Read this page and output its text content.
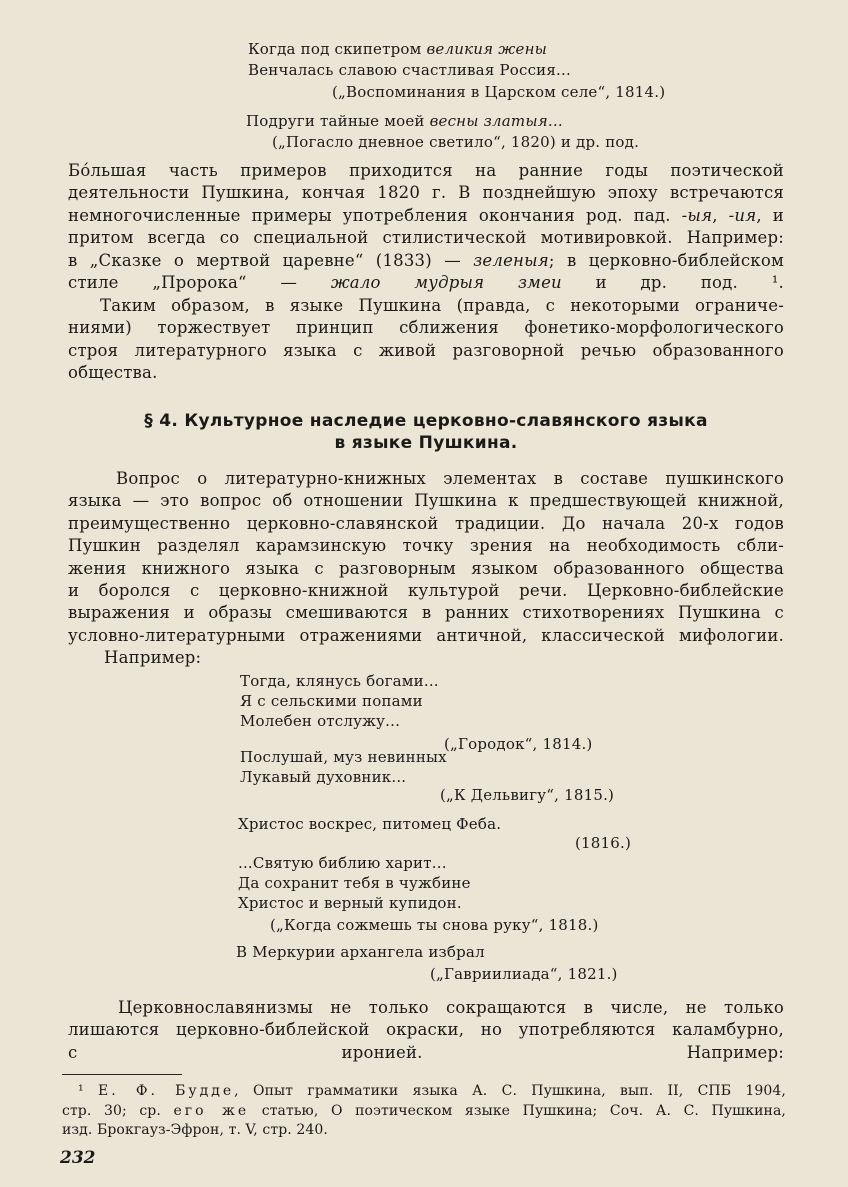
Когда под скипетром великия жены
Венчалась славою счастливая Россия...
(„Воспоминания в Царском селе“, 1814.)
Подруги тайные моей весны златыя...
(„Погасло дневное светило“, 1820) и др. под.
Бо́льшая часть примеров приходится на ранние годы поэтической
деятельности Пушкина, кончая 1820 г. В позднейшую эпоху встречаются
немногочисленные примеры употребления окончания род. пад. -ыя, -ия, и
притом всегда со специальной стилистической мотивировкой. Например:
в „Сказке о мертвой царевне“ (1833) — зеленыя; в церковно-библейском
стиле „Пророка“ — жало мудрыя змеи и др. под. ¹.
Таким образом, в языке Пушкина (правда, с некоторыми ограниче-
ниями) торжествует принцип сближения фонетико-морфологического
строя литературного языка с живой разговорной речью образованного
общества.
§ 4. Культурное наследие церковно-славянского языка
в языке Пушкина.
Вопрос о литературно-книжных элементах в составе пушкинского
языка — это вопрос об отношении Пушкина к предшествующей книжной,
преимущественно церковно-славянской традиции. До начала 20-х годов
Пушкин разделял карамзинскую точку зрения на необходимость сбли-
жения книжного языка с разговорным языком образованного общества
и боролся с церковно-книжной культурой речи. Церковно-библейские
выражения и образы смешиваются в ранних стихотворениях Пушкина с
условно-литературными отражениями античной, классической мифологии.
Например:
Тогда, клянусь богами...
Я с сельскими попами
Молебен отслужу...
(„Городок“, 1814.)
Послушай, муз невинных
Лукавый духовник...
(„К Дельвигу“, 1815.)
Христос воскрес, питомец Феба.
(1816.)
...Святую библию харит...
Да сохранит тебя в чужбине
Христос и верный купидон.
(„Когда сожмешь ты снова руку“, 1818.)
В Меркурии архангела избрал
(„Гавриилиада“, 1821.)
Церковнославянизмы не только сокращаются в числе, не только
лишаются церковно-библейской окраски, но употребляются каламбурно,
с иронией. Например:
¹ Е. Ф. Будде, Опыт грамматики языка А. С. Пушкина, вып. II, СПБ 1904,
стр. 30; ср. его же статью, О поэтическом языке Пушкина; Соч. А. С. Пушкина,
изд. Брокгауз-Эфрон, т. V, стр. 240.
232
